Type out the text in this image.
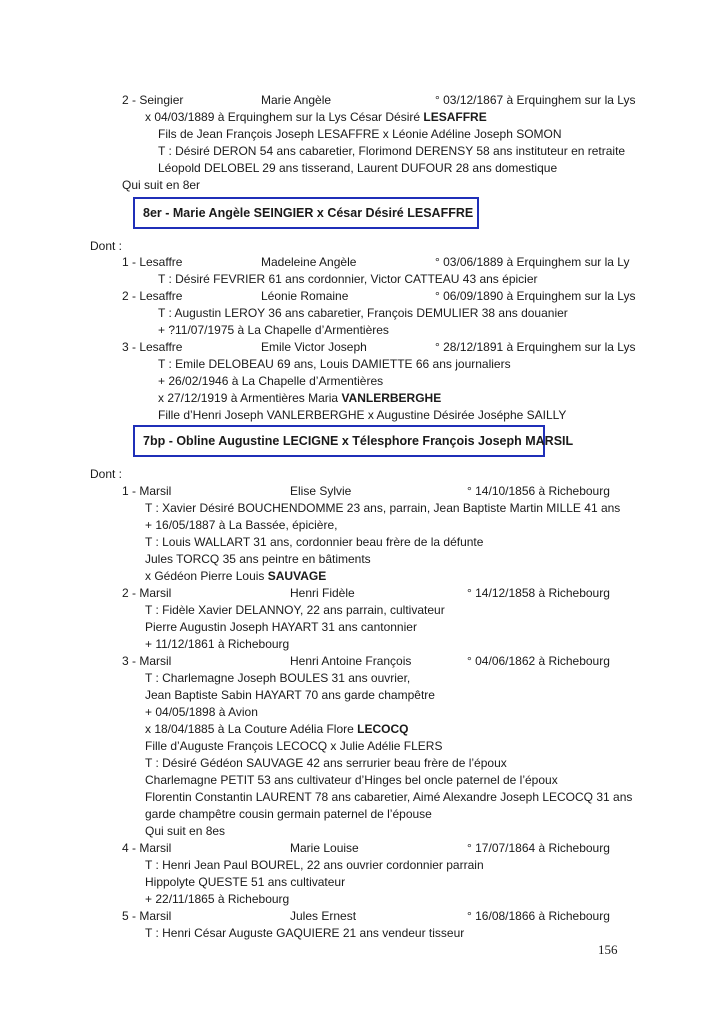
2 - Seingier	Marie Angèle	° 03/12/1867 à Erquinghem sur la Lys
x 04/03/1889 à Erquinghem sur la Lys César Désiré LESAFFRE
Fils de Jean François Joseph LESAFFRE x Léonie Adéline Joseph SOMON
T : Désiré DERON 54 ans cabaretier, Florimond DERENSY 58 ans instituteur en retraite
Léopold DELOBEL 29 ans tisserand, Laurent DUFOUR 28 ans domestique
Qui suit en 8er
8er - Marie Angèle SEINGIER x César Désiré LESAFFRE
Dont :
1 - Lesaffre	Madeleine Angèle	° 03/06/1889 à Erquinghem sur la Ly
T : Désiré FEVRIER 61 ans cordonnier, Victor CATTEAU 43 ans épicier
2 - Lesaffre	Léonie Romaine	° 06/09/1890 à Erquinghem sur la Lys
T : Augustin LEROY 36 ans cabaretier, François DEMULIER 38 ans douanier
+ ?11/07/1975 à La Chapelle d’Armentières
3 - Lesaffre	Emile Victor Joseph	° 28/12/1891 à Erquinghem sur la Lys
T : Emile DELOBEAU 69 ans, Louis DAMIETTE 66 ans journaliers
+ 26/02/1946 à La Chapelle d’Armentières
x 27/12/1919 à Armentières Maria VANLERBERGHE
Fille d’Henri Joseph VANLERBERGHE x Augustine Désirée Joséphe SAILLY
7bp - Obline Augustine LECIGNE x Télesphore François Joseph MARSIL
Dont :
1 - Marsil	Elise Sylvie	° 14/10/1856 à Richebourg
T : Xavier Désiré BOUCHENDOMME 23 ans, parrain, Jean Baptiste Martin MILLE 41 ans
+ 16/05/1887 à La Bassée, épicière,
T : Louis WALLART 31 ans, cordonnier beau frère de la défunte
Jules TORCQ 35 ans peintre en bâtiments
x Gédéon Pierre Louis SAUVAGE
2 - Marsil	Henri Fidèle	° 14/12/1858 à Richebourg
T : Fidèle Xavier DELANNOY, 22 ans parrain, cultivateur
Pierre Augustin Joseph HAYART 31 ans cantonnier
+ 11/12/1861 à Richebourg
3 - Marsil	Henri Antoine François	° 04/06/1862 à Richebourg
T : Charlemagne Joseph BOULES 31 ans ouvrier,
Jean Baptiste Sabin HAYART 70 ans garde champêtre
+ 04/05/1898 à Avion
x 18/04/1885 à La Couture Adélia Flore LECOCQ
Fille d’Auguste François LECOCQ x Julie Adélie FLERS
T : Désiré Gédéon SAUVAGE 42 ans serrurier beau frère de l’époux
Charlemagne PETIT 53 ans cultivateur d’Hinges bel oncle paternel de l’époux
Florentin Constantin LAURENT 78 ans cabaretier, Aimé Alexandre Joseph LECOCQ 31 ans
garde champêtre cousin germain paternel de l’épouse
Qui suit en 8es
4 - Marsil	Marie Louise	° 17/07/1864 à Richebourg
T : Henri Jean Paul BOUREL, 22 ans ouvrier cordonnier parrain
Hippolyte QUESTE 51 ans cultivateur
+ 22/11/1865 à Richebourg
5 - Marsil	Jules Ernest	° 16/08/1866 à Richebourg
T : Henri César Auguste GAQUIERE 21 ans vendeur tisseur
156
